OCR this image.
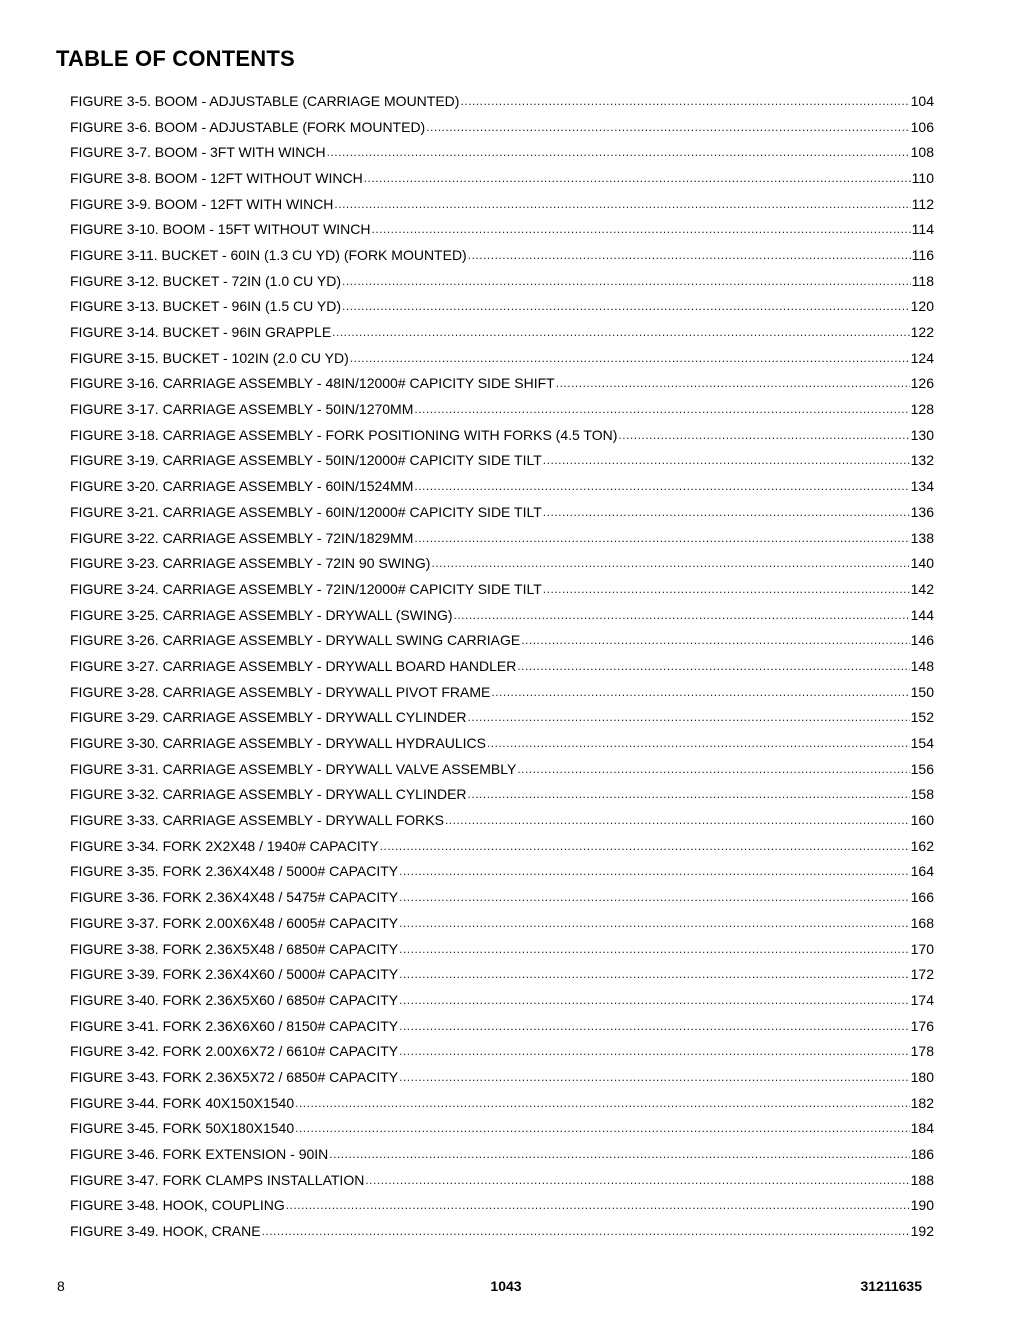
TABLE OF CONTENTS
FIGURE 3-5. BOOM - ADJUSTABLE (CARRIAGE MOUNTED) .....	104
FIGURE 3-6. BOOM - ADJUSTABLE (FORK MOUNTED) .....	106
FIGURE 3-7. BOOM - 3FT WITH WINCH .....	108
FIGURE 3-8. BOOM - 12FT WITHOUT WINCH .....	110
FIGURE 3-9. BOOM - 12FT WITH WINCH .....	112
FIGURE 3-10. BOOM - 15FT WITHOUT WINCH .....	114
FIGURE 3-11. BUCKET - 60IN (1.3 CU YD) (FORK MOUNTED) .....	116
FIGURE 3-12. BUCKET - 72IN (1.0 CU YD) .....	118
FIGURE 3-13. BUCKET - 96IN (1.5 CU YD) .....	120
FIGURE 3-14. BUCKET - 96IN GRAPPLE .....	122
FIGURE 3-15. BUCKET - 102IN (2.0 CU YD) .....	124
FIGURE 3-16. CARRIAGE ASSEMBLY - 48IN/12000# CAPICITY SIDE SHIFT .....	126
FIGURE 3-17. CARRIAGE ASSEMBLY - 50IN/1270MM .....	128
FIGURE 3-18. CARRIAGE ASSEMBLY - FORK POSITIONING WITH FORKS (4.5 TON) .....	130
FIGURE 3-19. CARRIAGE ASSEMBLY - 50IN/12000# CAPICITY SIDE TILT .....	132
FIGURE 3-20. CARRIAGE ASSEMBLY - 60IN/1524MM .....	134
FIGURE 3-21. CARRIAGE ASSEMBLY - 60IN/12000# CAPICITY SIDE TILT .....	136
FIGURE 3-22. CARRIAGE ASSEMBLY - 72IN/1829MM .....	138
FIGURE 3-23. CARRIAGE ASSEMBLY - 72IN 90 SWING) .....	140
FIGURE 3-24. CARRIAGE ASSEMBLY - 72IN/12000# CAPICITY SIDE TILT .....	142
FIGURE 3-25. CARRIAGE ASSEMBLY - DRYWALL (SWING) .....	144
FIGURE 3-26. CARRIAGE ASSEMBLY - DRYWALL SWING CARRIAGE .....	146
FIGURE 3-27. CARRIAGE ASSEMBLY - DRYWALL BOARD HANDLER .....	148
FIGURE 3-28. CARRIAGE ASSEMBLY - DRYWALL PIVOT FRAME .....	150
FIGURE 3-29. CARRIAGE ASSEMBLY - DRYWALL CYLINDER .....	152
FIGURE 3-30. CARRIAGE ASSEMBLY - DRYWALL HYDRAULICS .....	154
FIGURE 3-31. CARRIAGE ASSEMBLY - DRYWALL VALVE ASSEMBLY .....	156
FIGURE 3-32. CARRIAGE ASSEMBLY - DRYWALL CYLINDER .....	158
FIGURE 3-33. CARRIAGE ASSEMBLY - DRYWALL FORKS .....	160
FIGURE 3-34. FORK 2X2X48 / 1940# CAPACITY .....	162
FIGURE 3-35. FORK 2.36X4X48 / 5000# CAPACITY .....	164
FIGURE 3-36. FORK 2.36X4X48 / 5475# CAPACITY .....	166
FIGURE 3-37. FORK 2.00X6X48 / 6005# CAPACITY .....	168
FIGURE 3-38. FORK 2.36X5X48 / 6850# CAPACITY .....	170
FIGURE 3-39. FORK 2.36X4X60 / 5000# CAPACITY .....	172
FIGURE 3-40. FORK 2.36X5X60 / 6850# CAPACITY .....	174
FIGURE 3-41. FORK 2.36X6X60 / 8150# CAPACITY .....	176
FIGURE 3-42. FORK 2.00X6X72 / 6610# CAPACITY .....	178
FIGURE 3-43. FORK 2.36X5X72 / 6850# CAPACITY .....	180
FIGURE 3-44. FORK 40X150X1540 .....	182
FIGURE 3-45. FORK 50X180X1540 .....	184
FIGURE 3-46. FORK EXTENSION - 90IN .....	186
FIGURE 3-47. FORK CLAMPS INSTALLATION .....	188
FIGURE 3-48. HOOK, COUPLING .....	190
FIGURE 3-49. HOOK, CRANE .....	192
8	1043	31211635
